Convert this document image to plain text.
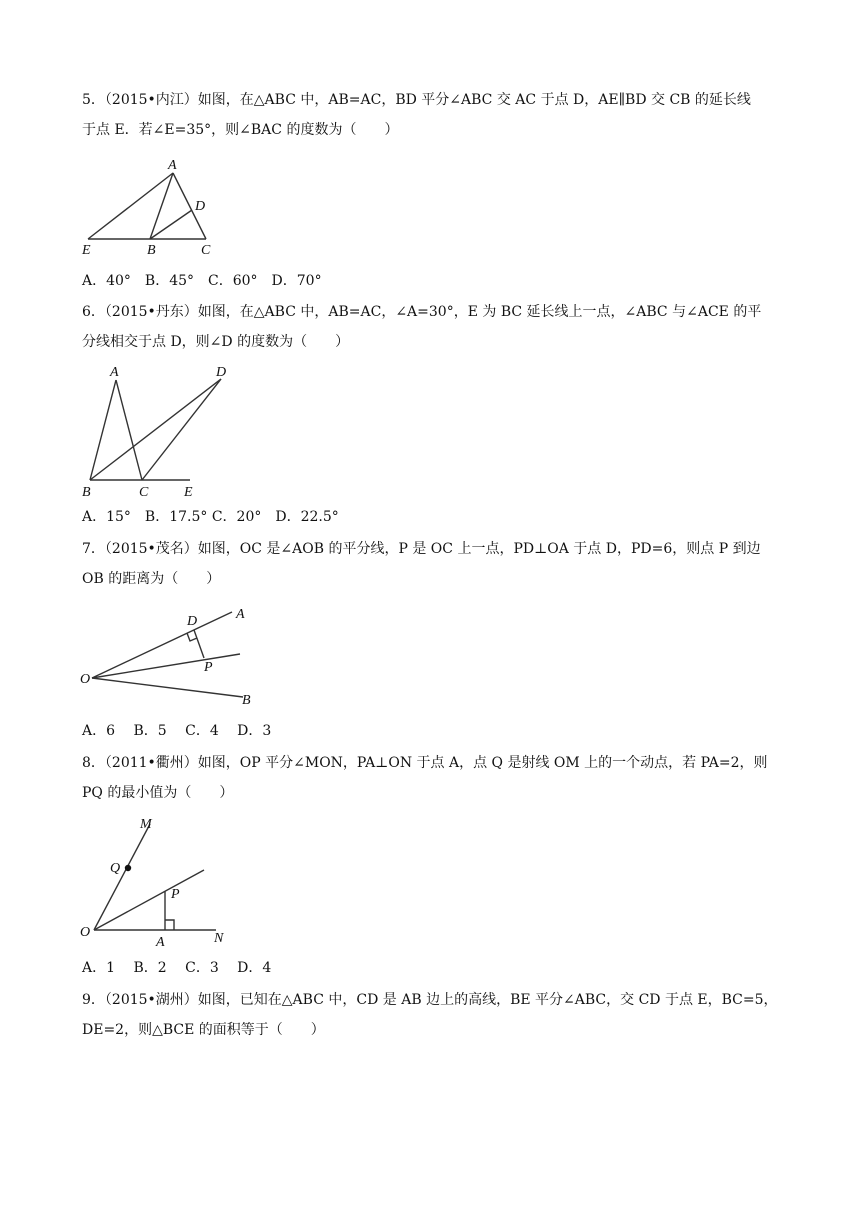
5．（2015•内江）如图，在△ABC 中，AB=AC，BD 平分∠ABC 交 AC 于点 D，AE∥BD 交 CB 的延长线

于点 E．若∠E=35°，则∠BAC 的度数为（　　）

A
D
E	B	C
A．40°　B．45°　C．60°　D．70°

6．（2015•丹东）如图，在△ABC 中，AB=AC，∠A=30°，E 为 BC 延长线上一点，∠ABC 与∠ACE 的平

分线相交于点 D，则∠D 的度数为（　　）

A	D
B	C	E
A．15°　B．17.5° C．20°　D．22.5°

7．（2015•茂名）如图，OC 是∠AOB 的平分线，P 是 OC 上一点，PD⊥OA 于点 D，PD=6，则点 P 到边

OB 的距离为（　　）

D	A
P
O
B
A．6　 B．5　 C．4　 D．3

8．（2011•衢州）如图，OP 平分∠MON，PA⊥ON 于点 A，点 Q 是射线 OM 上的一个动点，若 PA=2，则

PQ 的最小值为（　　）

M
Q
P
O
A	N
A．1　 B．2　 C．3　 D．4

9．（2015•湖州）如图，已知在△ABC 中，CD 是 AB 边上的高线，BE 平分∠ABC，交 CD 于点 E，BC=5，

DE=2，则△BCE 的面积等于（　　）
